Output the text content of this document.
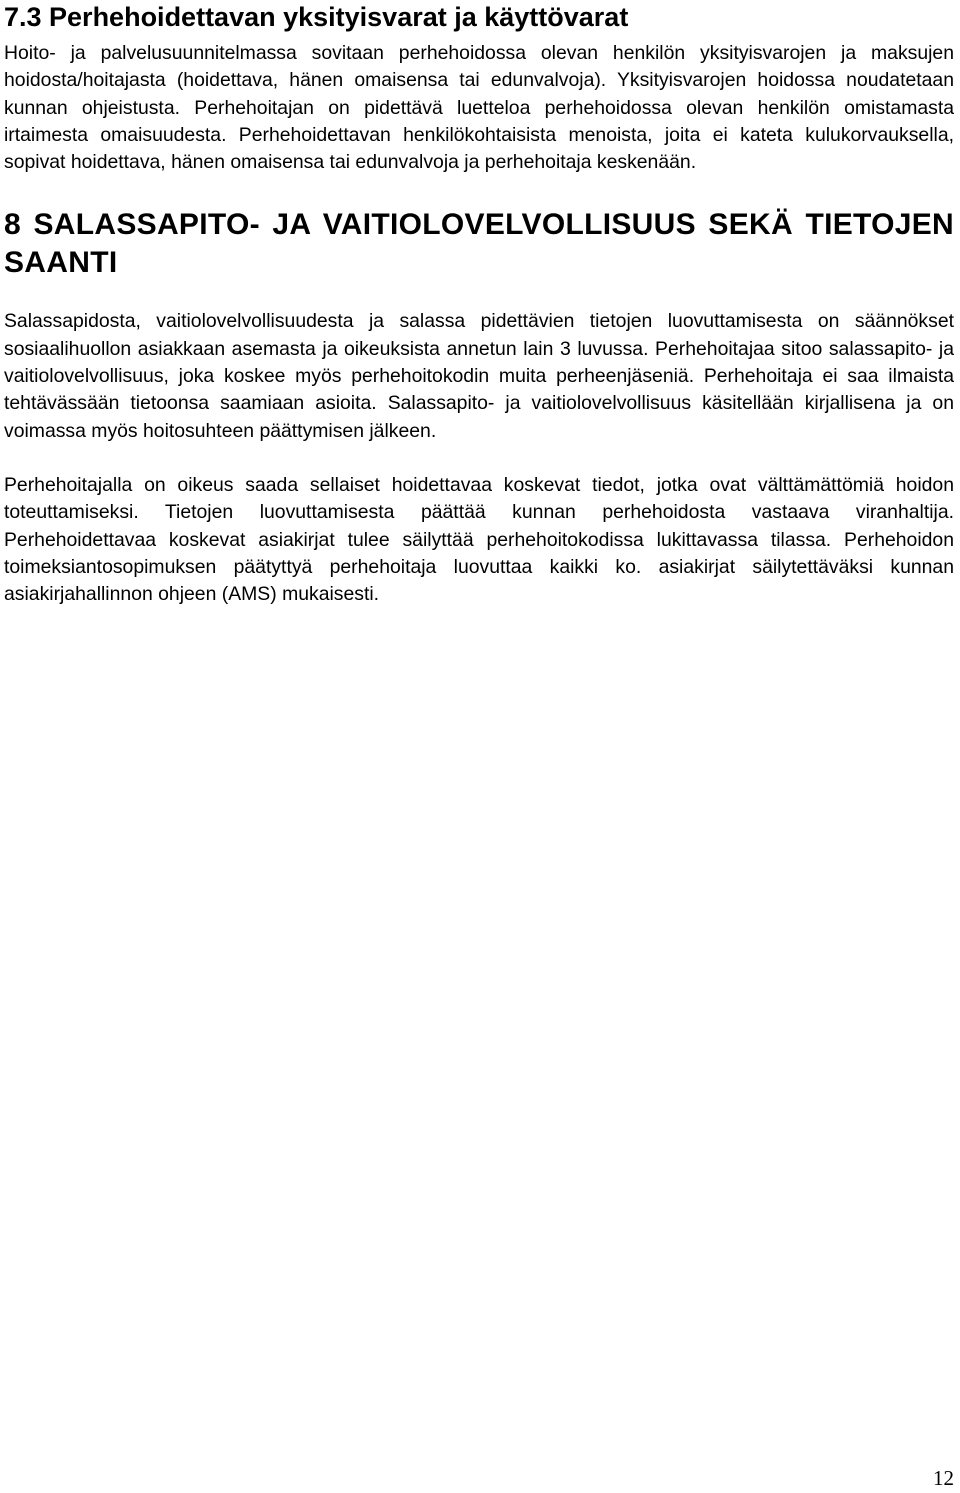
7.3 Perhehoidettavan yksityisvarat ja käyttövarat

Hoito- ja palvelusuunnitelmassa sovitaan perhehoidossa olevan henkilön yksityisvarojen ja maksujen hoidosta/hoitajasta (hoidettava, hänen omaisensa tai edunvalvoja). Yksityisvarojen hoidossa noudatetaan kunnan ohjeistusta. Perhehoitajan on pidettävä luetteloa perhehoidossa olevan henkilön omistamasta irtaimesta omaisuudesta. Perhehoidettavan henkilökohtaisista menoista, joita ei kateta kulukorvauksella, sopivat hoidettava, hänen omaisensa tai edunvalvoja ja perhehoitaja keskenään.

8 SALASSAPITO- JA VAITIOLOVELVOLLISUUS SEKÄ TIETOJEN SAANTI

Salassapidosta, vaitiolovelvollisuudesta ja salassa pidettävien tietojen luovuttamisesta on säännökset sosiaalihuollon asiakkaan asemasta ja oikeuksista annetun lain 3 luvussa. Perhehoitajaa sitoo salassapito- ja vaitiolovelvollisuus, joka koskee myös perhehoitokodin muita perheenjäseniä. Perhehoitaja ei saa ilmaista tehtävässään tietoonsa saamiaan asioita. Salassapito- ja vaitiolovelvollisuus käsitellään kirjallisena ja on voimassa myös hoitosuhteen päättymisen jälkeen.

Perhehoitajalla on oikeus saada sellaiset hoidettavaa koskevat tiedot, jotka ovat välttämättömiä hoidon toteuttamiseksi. Tietojen luovuttamisesta päättää kunnan perhehoidosta vastaava viranhaltija. Perhehoidettavaa koskevat asiakirjat tulee säilyttää perhehoitokodissa lukittavassa tilassa. Perhehoidon toimeksiantosopimuksen päätyttyä perhehoitaja luovuttaa kaikki ko. asiakirjat säilytettäväksi kunnan asiakirjahallinnon ohjeen (AMS) mukaisesti.

12
